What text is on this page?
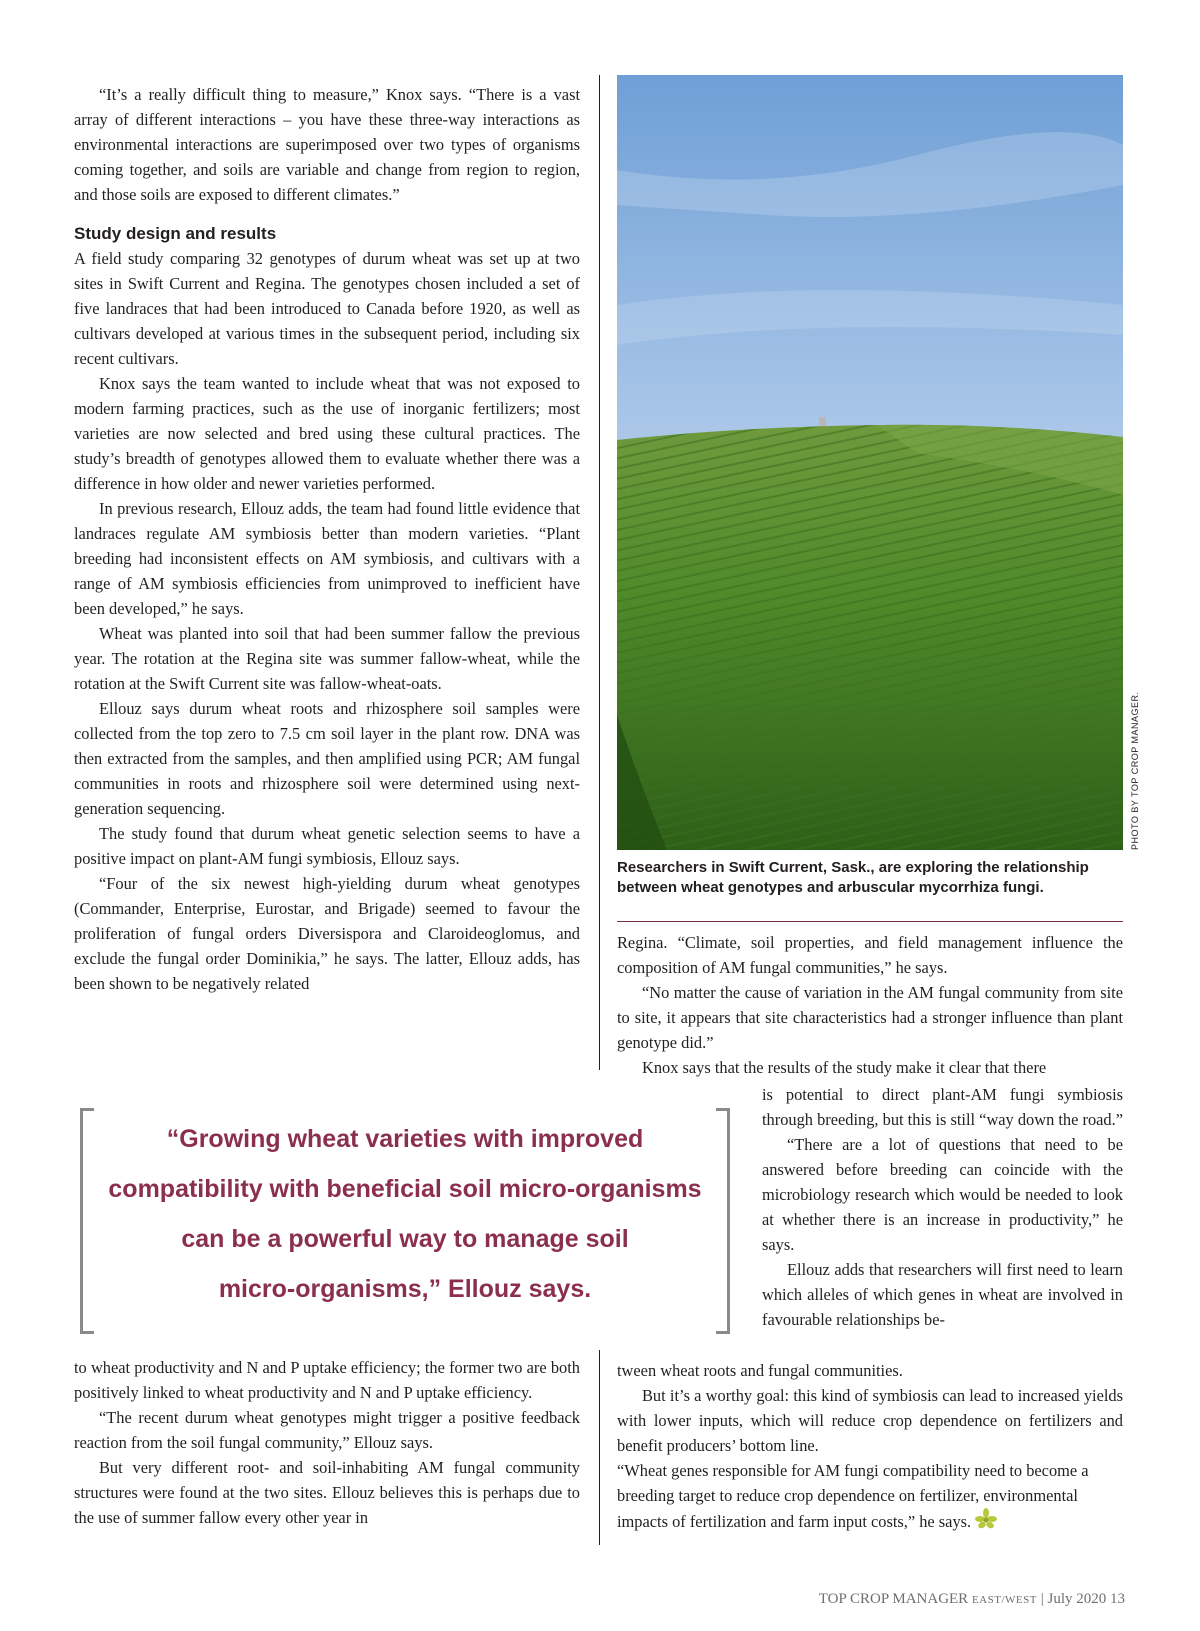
“It’s a really difficult thing to measure,” Knox says. “There is a vast array of different interactions – you have these three-way interactions as environmental interactions are superimposed over two types of organisms coming together, and soils are variable and change from region to region, and those soils are exposed to different climates.”

Study design and results

A field study comparing 32 genotypes of durum wheat was set up at two sites in Swift Current and Regina. The genotypes chosen included a set of five landraces that had been introduced to Canada before 1920, as well as cultivars developed at various times in the subsequent period, including six recent cultivars.

Knox says the team wanted to include wheat that was not exposed to modern farming practices, such as the use of inorganic fertilizers; most varieties are now selected and bred using these cultural practices. The study’s breadth of genotypes allowed them to evaluate whether there was a difference in how older and newer varieties performed.

In previous research, Ellouz adds, the team had found little evidence that landraces regulate AM symbiosis better than modern varieties. “Plant breeding had inconsistent effects on AM symbiosis, and cultivars with a range of AM symbiosis efficiencies from unimproved to inefficient have been developed,” he says.

Wheat was planted into soil that had been summer fallow the previous year. The rotation at the Regina site was summer fallow-wheat, while the rotation at the Swift Current site was fallow-wheat-oats.

Ellouz says durum wheat roots and rhizosphere soil samples were collected from the top zero to 7.5 cm soil layer in the plant row. DNA was then extracted from the samples, and then amplified using PCR; AM fungal communities in roots and rhizosphere soil were determined using next-generation sequencing.

The study found that durum wheat genetic selection seems to have a positive impact on plant-AM fungi symbiosis, Ellouz says.

“Four of the six newest high-yielding durum wheat genotypes (Commander, Enterprise, Eurostar, and Brigade) seemed to favour the proliferation of fungal orders Diversispora and Claroideoglomus, and exclude the fungal order Dominikia,” he says. The latter, Ellouz adds, has been shown to be negatively related

PHOTO BY TOP CROP MANAGER.
Researchers in Swift Current, Sask., are exploring the relationship between wheat genotypes and arbuscular mycorrhiza fungi.

Regina. “Climate, soil properties, and field management influence the composition of AM fungal communities,” he says.

“No matter the cause of variation in the AM fungal community from site to site, it appears that site characteristics had a stronger influence than plant genotype did.”

Knox says that the results of the study make it clear that there

is potential to direct plant-AM fungi symbiosis through breeding, but this is still “way down the road.”

“There are a lot of questions that need to be answered before breeding can coincide with the microbiology research which would be needed to look at whether there is an increase in productivity,” he says.

Ellouz adds that researchers will first need to learn which alleles of which genes in wheat are involved in favourable relationships be-

“Growing wheat varieties with improved
compatibility with beneficial soil micro-organisms
can be a powerful way to manage soil
micro-organisms,” Ellouz says.

to wheat productivity and N and P uptake efficiency; the former two are both positively linked to wheat productivity and N and P uptake efficiency.

“The recent durum wheat genotypes might trigger a positive feedback reaction from the soil fungal community,” Ellouz says.

But very different root- and soil-inhabiting AM fungal community structures were found at the two sites. Ellouz believes this is perhaps due to the use of summer fallow every other year in

tween wheat roots and fungal communities.

But it’s a worthy goal: this kind of symbiosis can lead to increased yields with lower inputs, which will reduce crop dependence on fertilizers and benefit producers’ bottom line.

“Wheat genes responsible for AM fungi compatibility need to become a breeding target to reduce crop dependence on fertilizer, environmental impacts of fertilization and farm input costs,” he says.

TOP CROP MANAGER EAST/WEST | July 2020 13
